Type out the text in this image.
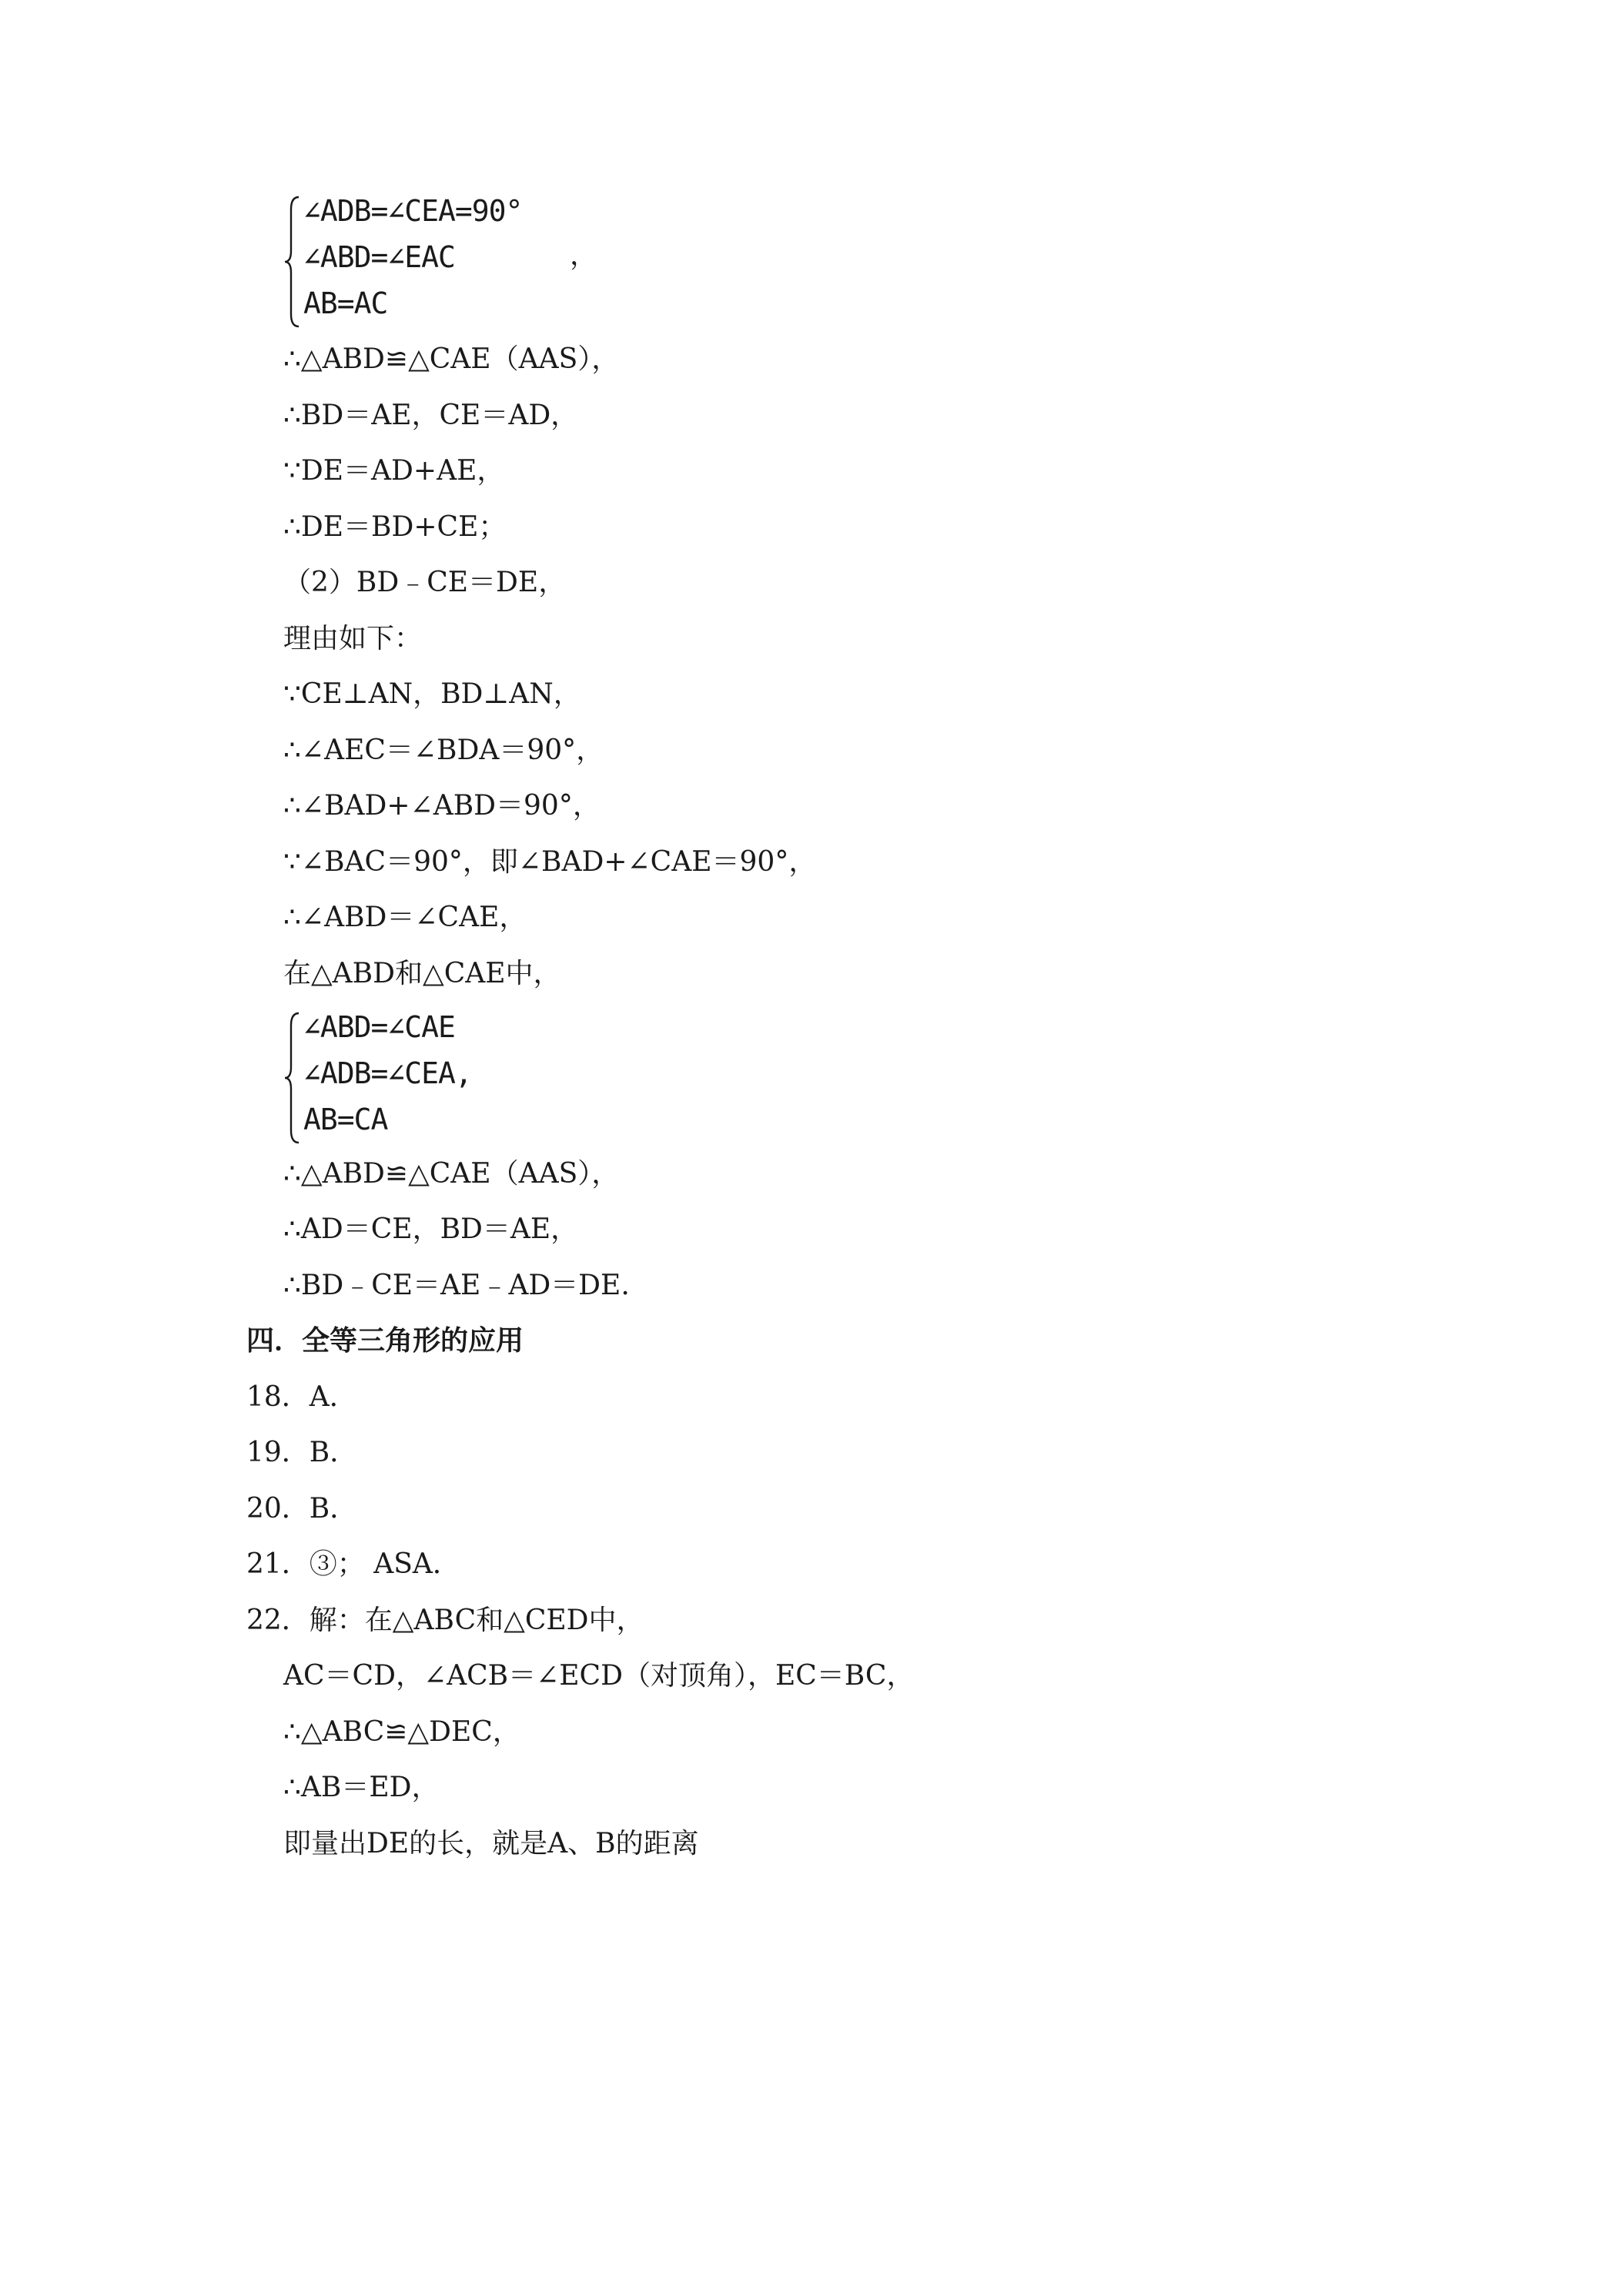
∠ADB=∠CEA=90°
∠ABD=∠EAC
AB=AC
，
∴△ABD≌△CAE（AAS），
∴BD＝AE，CE＝AD，
∵DE＝AD+AE，
∴DE＝BD+CE；
（2）BD﹣CE＝DE，
理由如下：
∵CE⊥AN，BD⊥AN，
∴∠AEC＝∠BDA＝90°，
∴∠BAD+∠ABD＝90°，
∵∠BAC＝90°，即∠BAD+∠CAE＝90°，
∴∠ABD＝∠CAE，
在△ABD和△CAE中，
∠ABD=∠CAE
∠ADB=∠CEA,
AB=CA
∴△ABD≌△CAE（AAS），
∴AD＝CE，BD＝AE，
∴BD﹣CE＝AE﹣AD＝DE.
四．全等三角形的应用
18．A．
19．B．
20．B．
21．③； ASA．
22．解：在△ABC和△CED中，
AC＝CD，∠ACB＝∠ECD（对顶角），EC＝BC，
∴△ABC≌△DEC，
∴AB＝ED，
即量出DE的长，就是A、B的距离
